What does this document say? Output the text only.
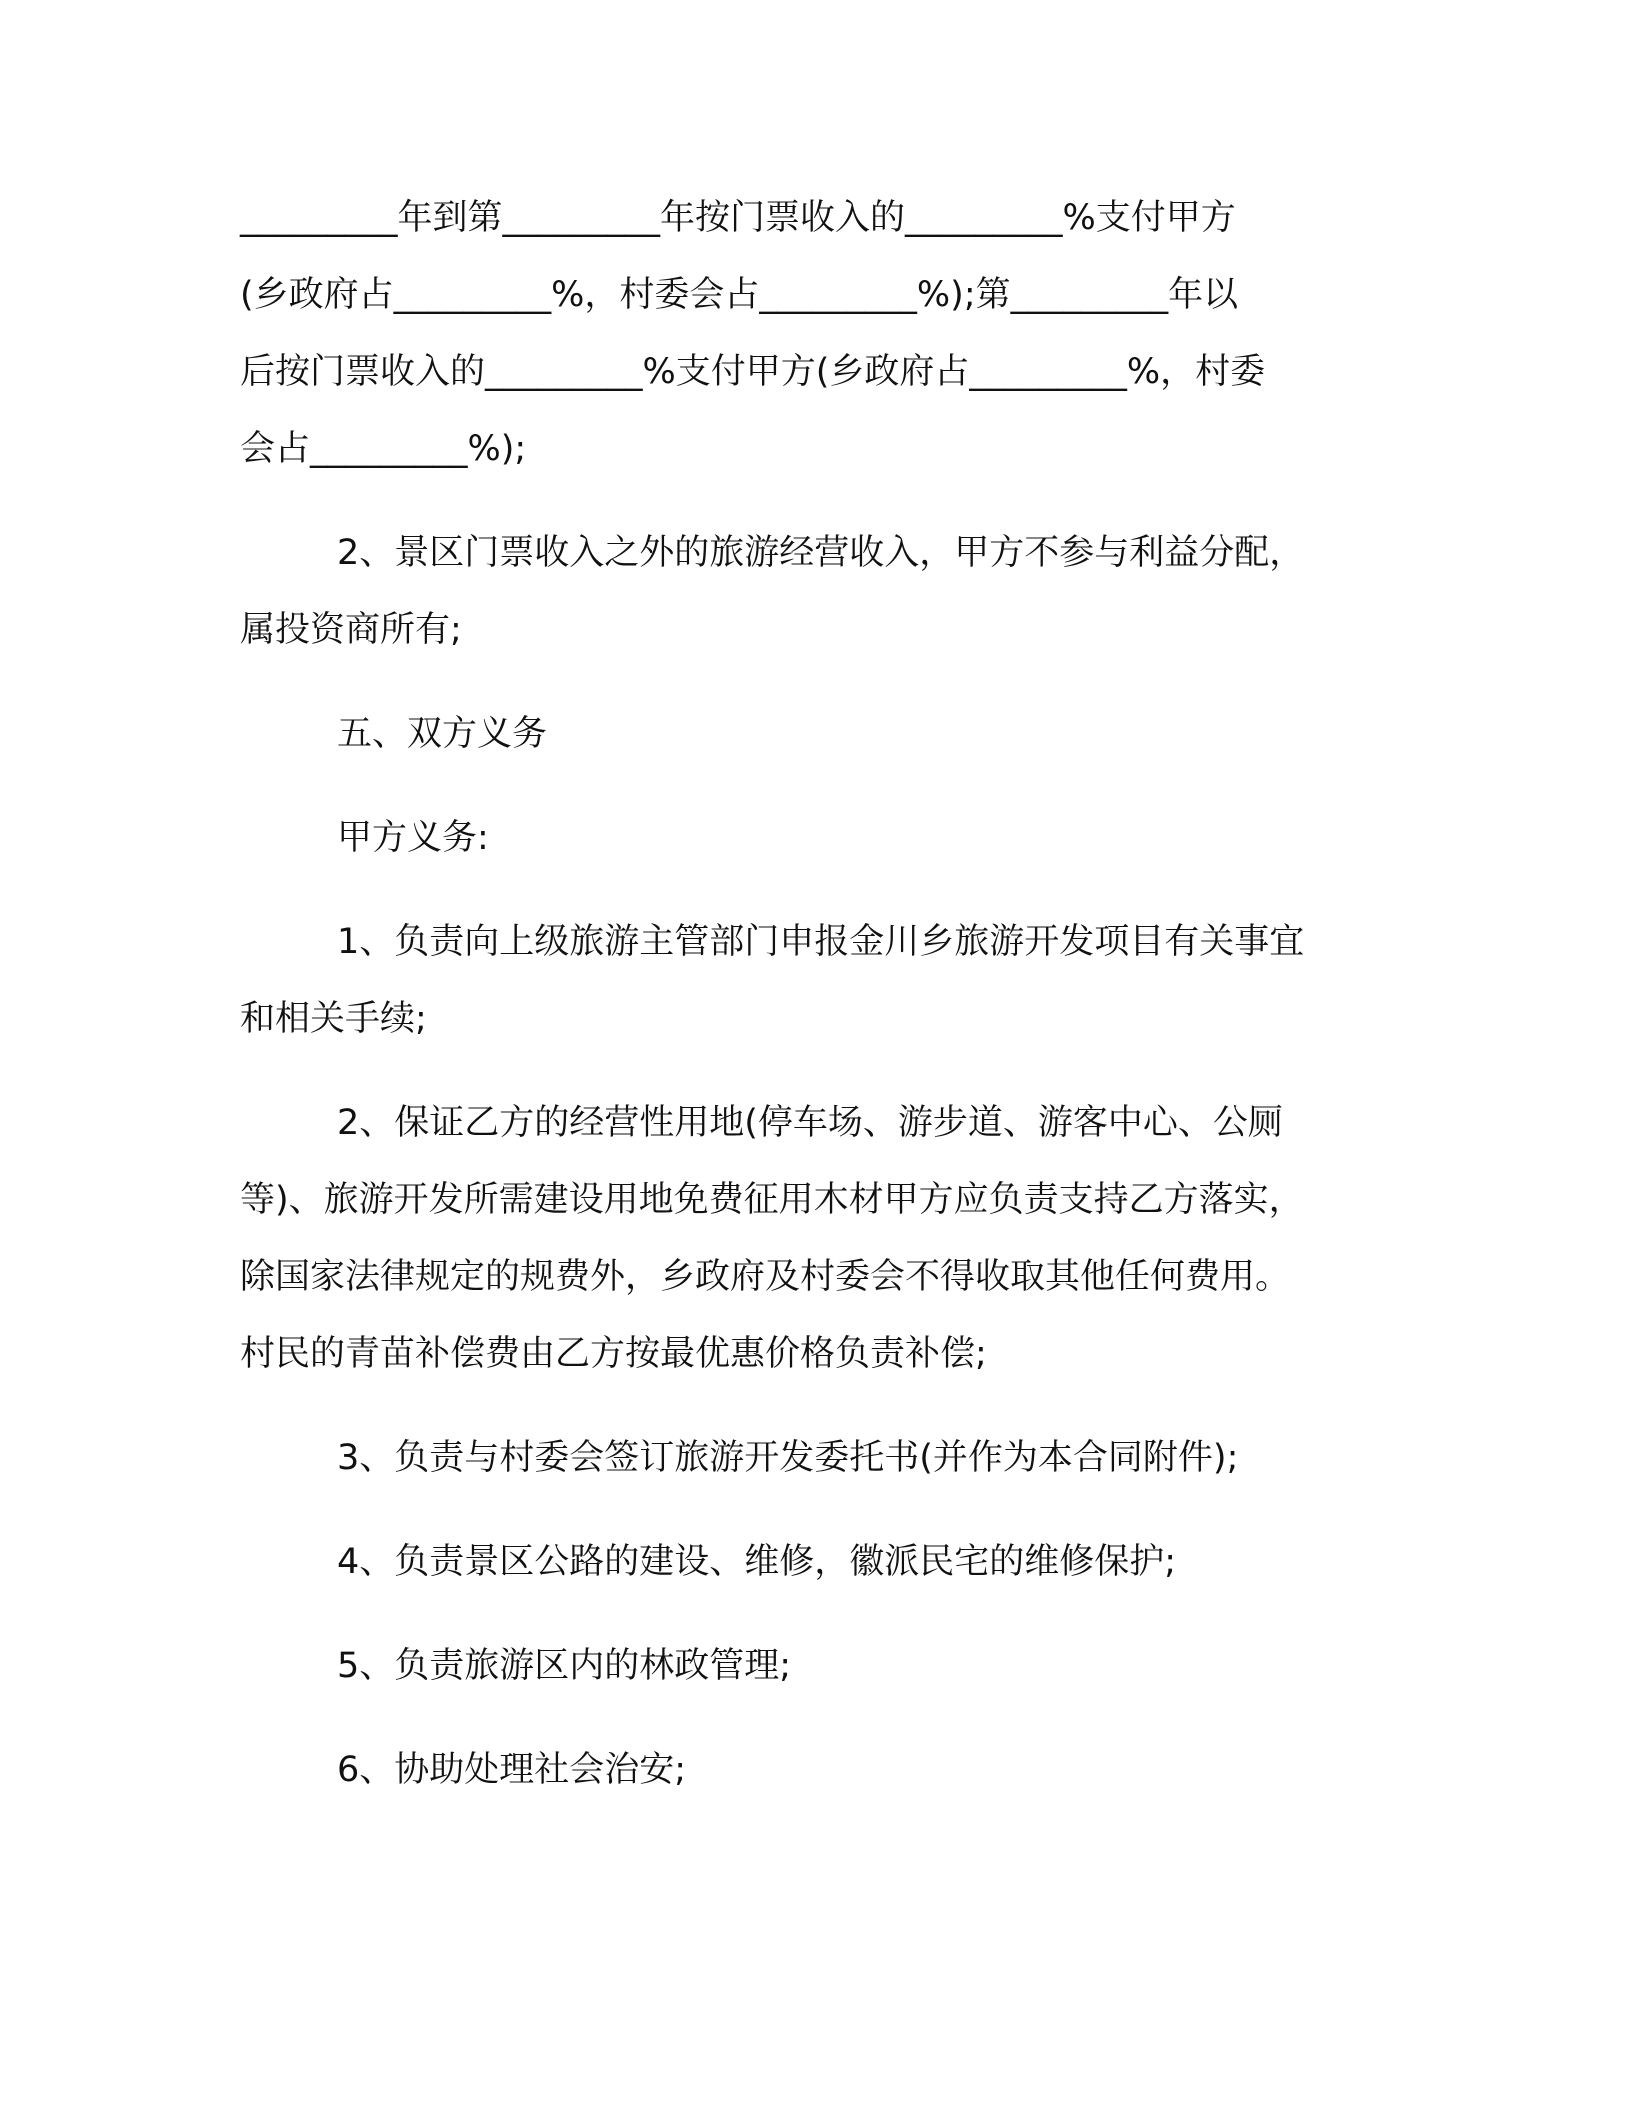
_________年到第_________年按门票收入的_________%支付甲方
(乡政府占_________%，村委会占_________%);第_________年以
后按门票收入的_________%支付甲方(乡政府占_________%，村委
会占_________%);
2、景区门票收入之外的旅游经营收入，甲方不参与利益分配，
属投资商所有;
五、双方义务
甲方义务:
1、负责向上级旅游主管部门申报金川乡旅游开发项目有关事宜
和相关手续;
2、保证乙方的经营性用地(停车场、游步道、游客中心、公厕
等)、旅游开发所需建设用地免费征用木材甲方应负责支持乙方落实，
除国家法律规定的规费外，乡政府及村委会不得收取其他任何费用。
村民的青苗补偿费由乙方按最优惠价格负责补偿;
3、负责与村委会签订旅游开发委托书(并作为本合同附件);
4、负责景区公路的建设、维修，徽派民宅的维修保护;
5、负责旅游区内的林政管理;
6、协助处理社会治安;
